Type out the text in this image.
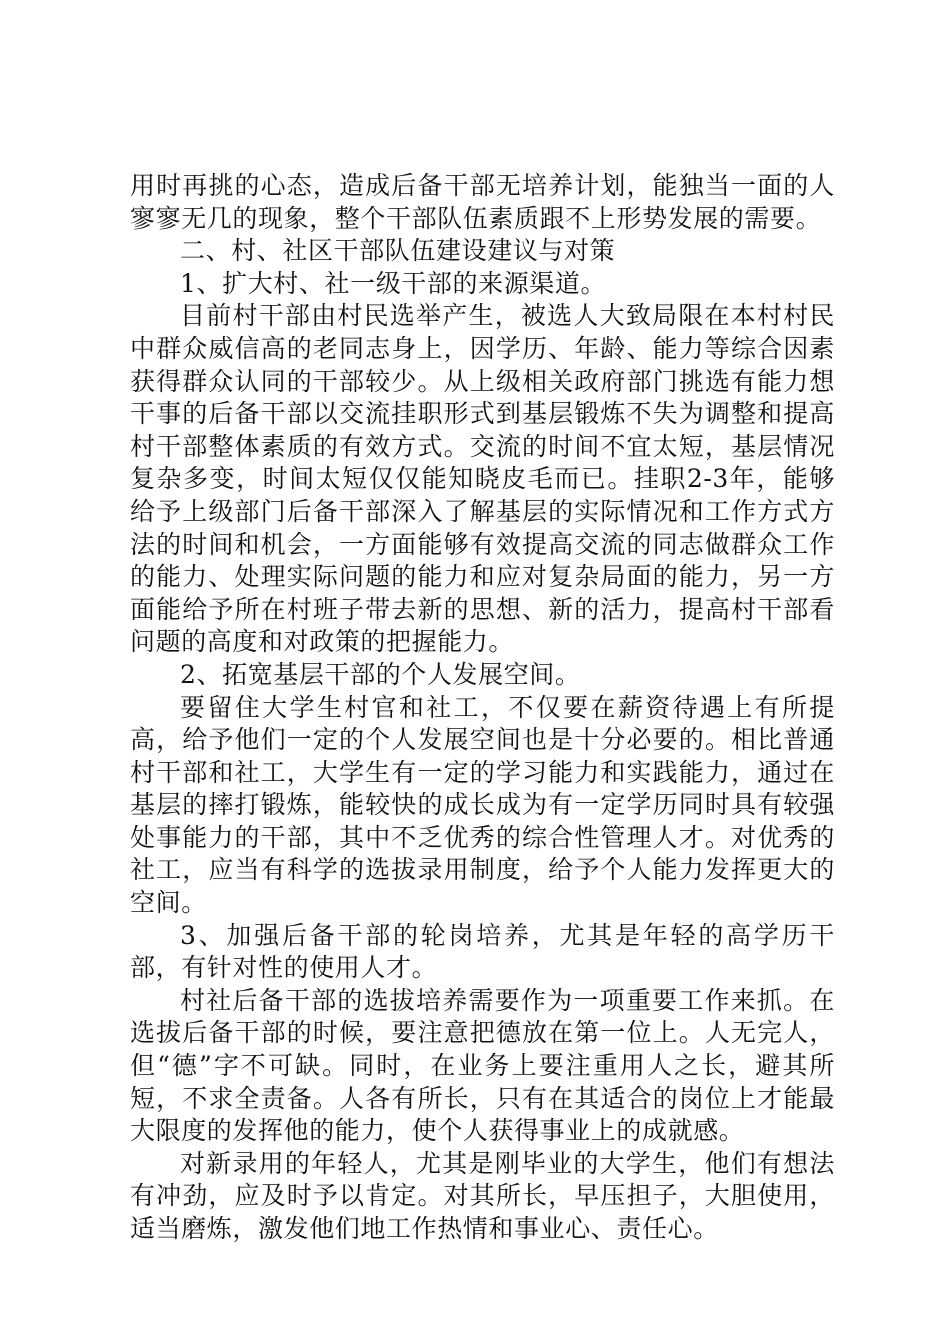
用时再挑的心态，造成后备干部无培养计划，能独当一面的人寥寥无几的现象，整个干部队伍素质跟不上形势发展的需要。

二、村、社区干部队伍建设建议与对策

1、扩大村、社一级干部的来源渠道。

目前村干部由村民选举产生，被选人大致局限在本村村民中群众威信高的老同志身上，因学历、年龄、能力等综合因素获得群众认同的干部较少。从上级相关政府部门挑选有能力想干事的后备干部以交流挂职形式到基层锻炼不失为调整和提高村干部整体素质的有效方式。交流的时间不宜太短，基层情况复杂多变，时间太短仅仅能知晓皮毛而已。挂职2-3年，能够给予上级部门后备干部深入了解基层的实际情况和工作方式方法的时间和机会，一方面能够有效提高交流的同志做群众工作的能力、处理实际问题的能力和应对复杂局面的能力，另一方面能给予所在村班子带去新的思想、新的活力，提高村干部看问题的高度和对政策的把握能力。

2、拓宽基层干部的个人发展空间。

要留住大学生村官和社工，不仅要在薪资待遇上有所提高，给予他们一定的个人发展空间也是十分必要的。相比普通村干部和社工，大学生有一定的学习能力和实践能力，通过在基层的摔打锻炼，能较快的成长成为有一定学历同时具有较强处事能力的干部，其中不乏优秀的综合性管理人才。对优秀的社工，应当有科学的选拔录用制度，给予个人能力发挥更大的空间。

3、加强后备干部的轮岗培养，尤其是年轻的高学历干部，有针对性的使用人才。

村社后备干部的选拔培养需要作为一项重要工作来抓。在选拔后备干部的时候，要注意把德放在第一位上。人无完人，但“德”字不可缺。同时，在业务上要注重用人之长，避其所短，不求全责备。人各有所长，只有在其适合的岗位上才能最大限度的发挥他的能力，使个人获得事业上的成就感。

对新录用的年轻人，尤其是刚毕业的大学生，他们有想法有冲劲，应及时予以肯定。对其所长，早压担子，大胆使用，适当磨炼，激发他们地工作热情和事业心、责任心。
